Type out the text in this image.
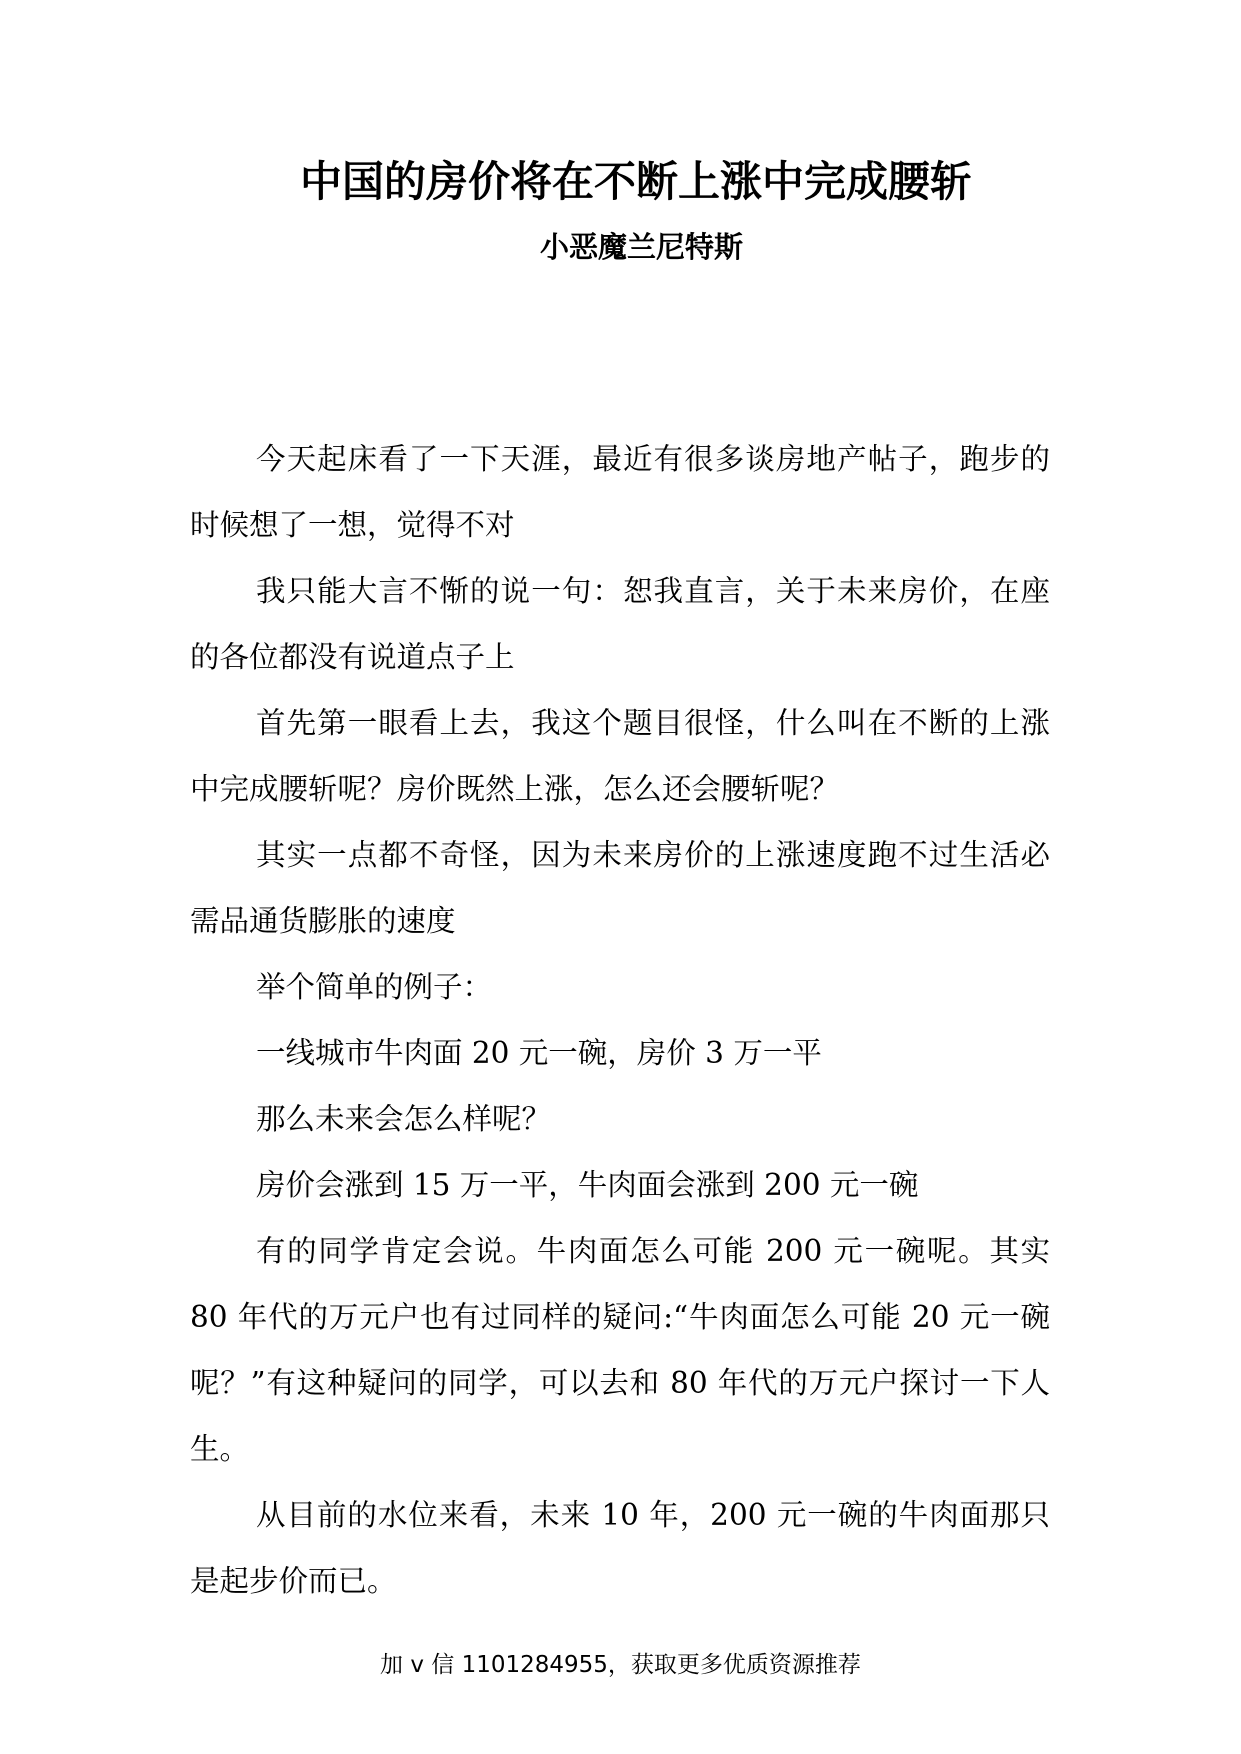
中国的房价将在不断上涨中完成腰斩
小恶魔兰尼特斯

今天起床看了一下天涯，最近有很多谈房地产帖子，跑步的时候想了一想，觉得不对

我只能大言不惭的说一句：恕我直言，关于未来房价，在座的各位都没有说道点子上

首先第一眼看上去，我这个题目很怪，什么叫在不断的上涨中完成腰斩呢？房价既然上涨，怎么还会腰斩呢？

其实一点都不奇怪，因为未来房价的上涨速度跑不过生活必需品通货膨胀的速度

举个简单的例子：

一线城市牛肉面 20 元一碗，房价 3 万一平

那么未来会怎么样呢？

房价会涨到 15 万一平，牛肉面会涨到 200 元一碗

有的同学肯定会说。牛肉面怎么可能 200 元一碗呢。其实 80 年代的万元户也有过同样的疑问:“牛肉面怎么可能 20 元一碗呢？”有这种疑问的同学，可以去和 80 年代的万元户探讨一下人生。

从目前的水位来看，未来 10 年，200 元一碗的牛肉面那只是起步价而已。

加 v 信 1101284955，获取更多优质资源推荐
